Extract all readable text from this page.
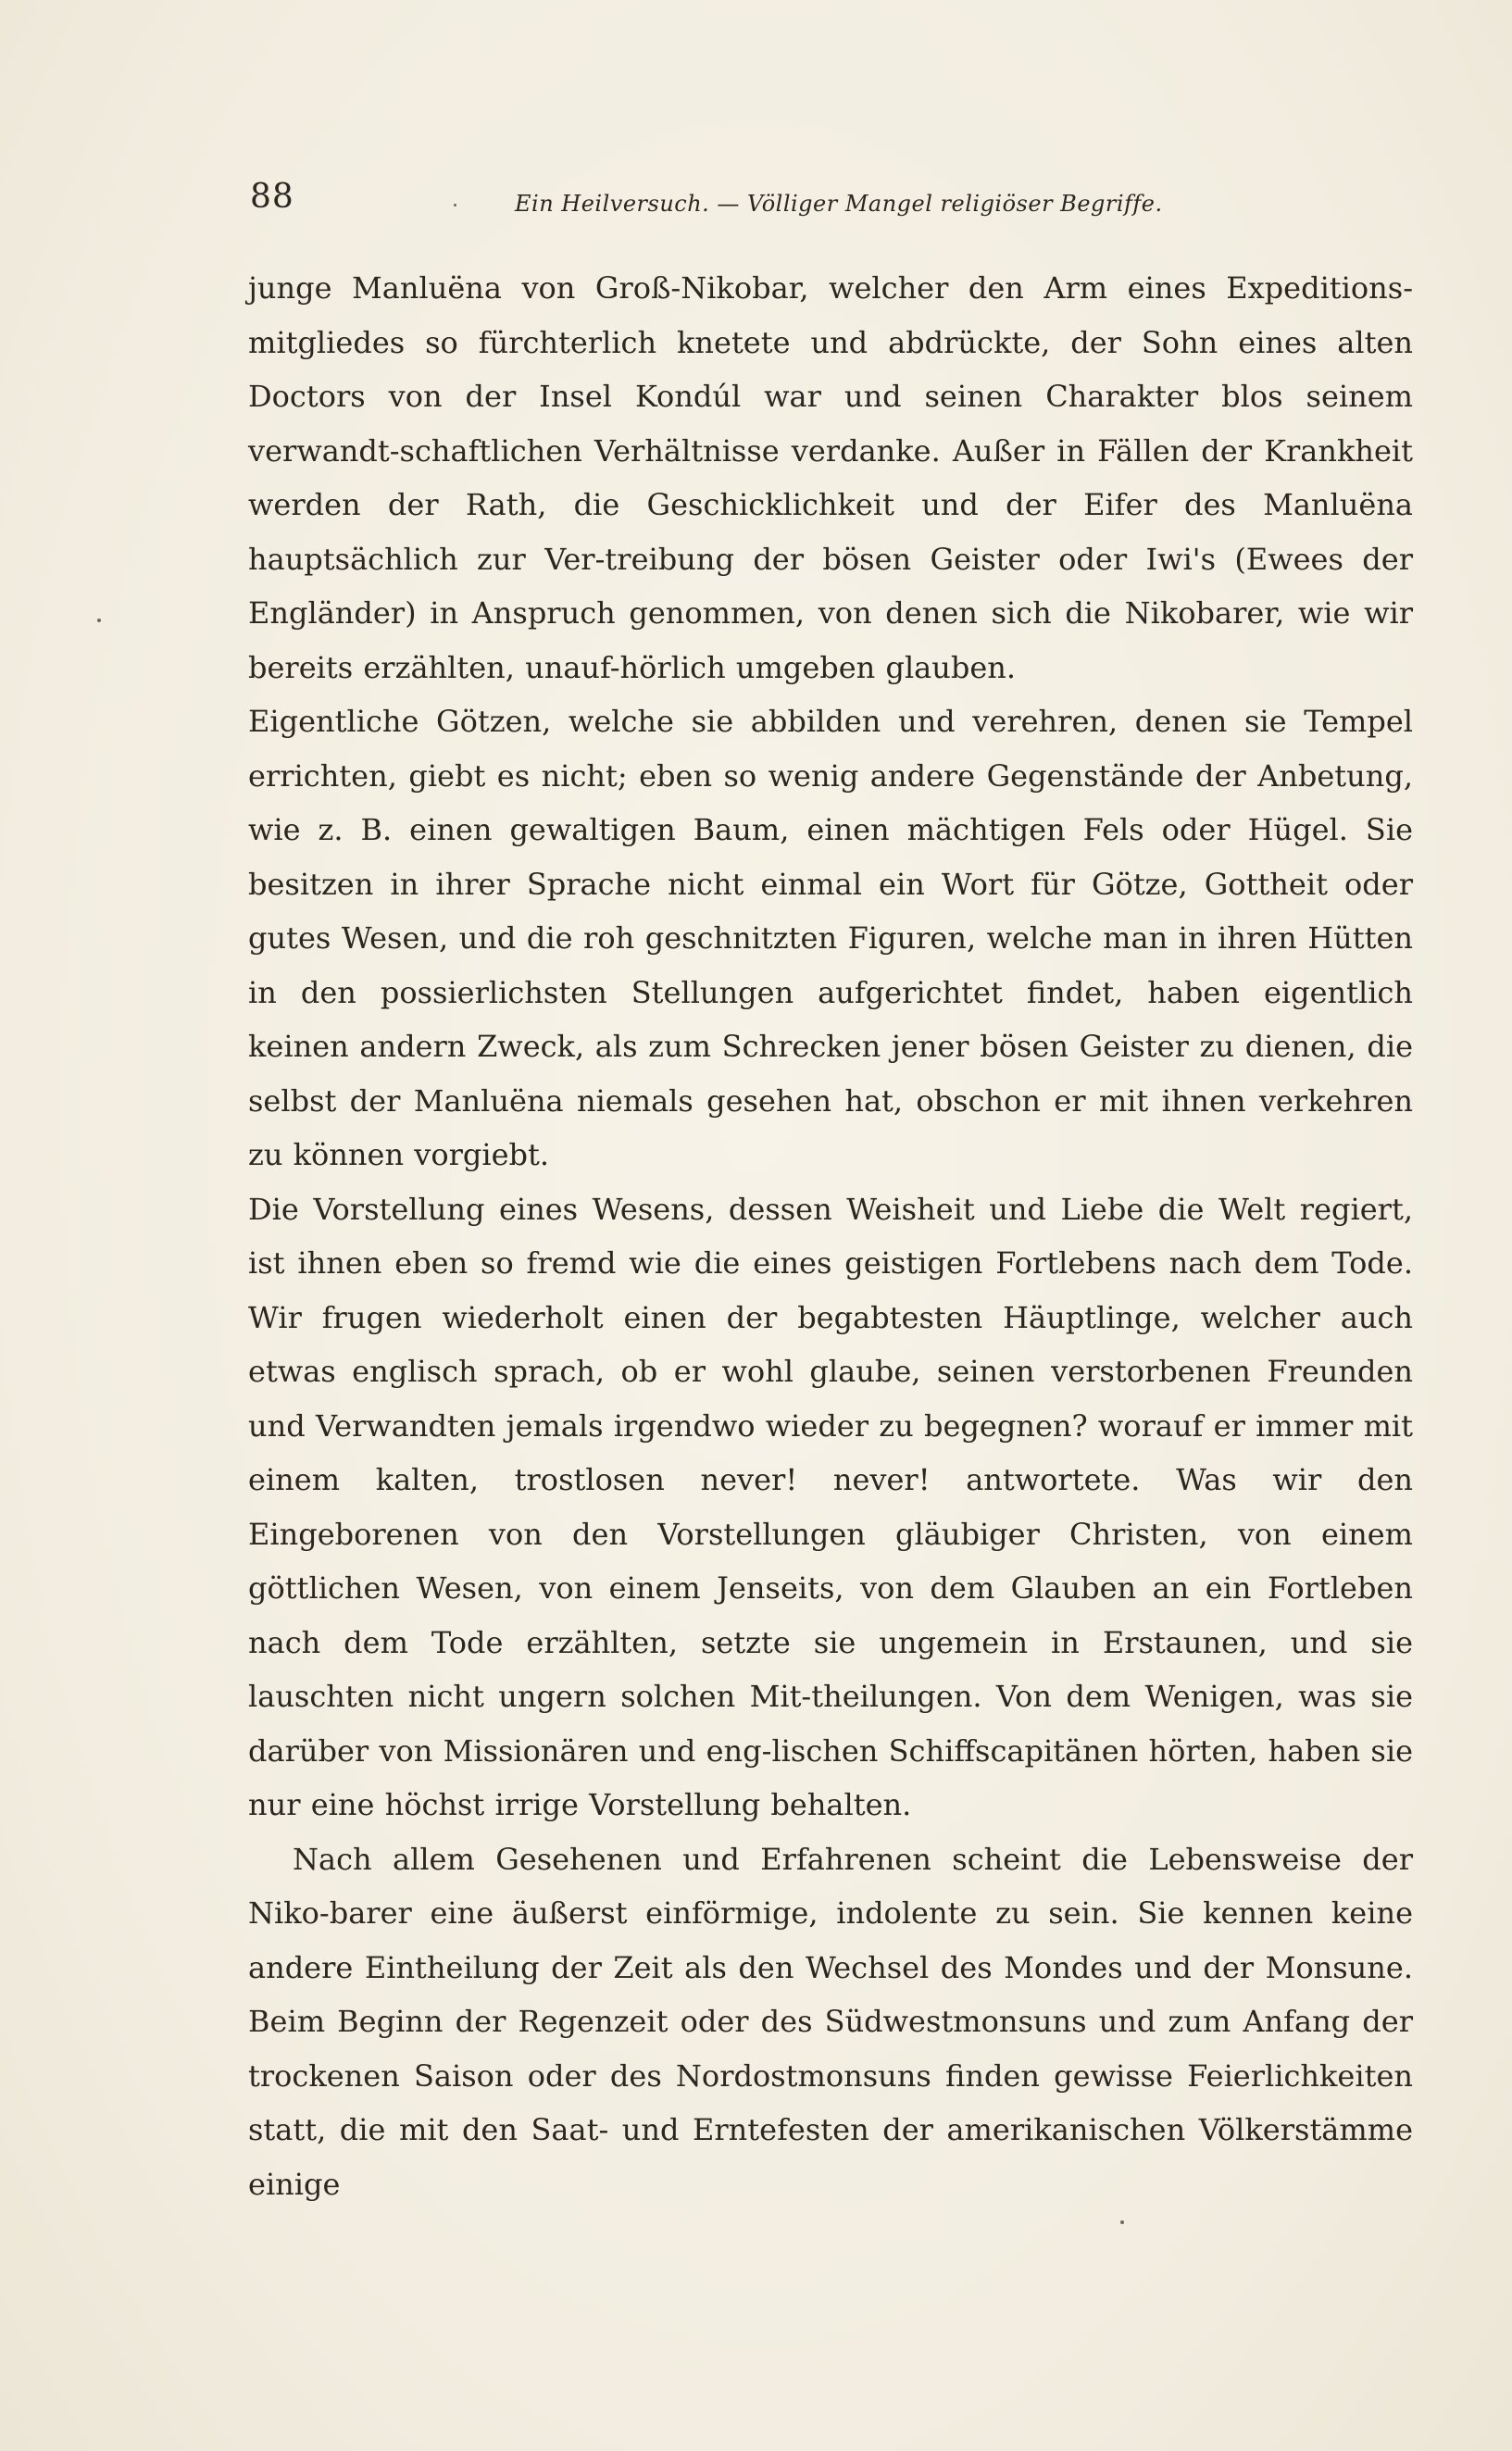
88	Ein Heilversuch. — Völliger Mangel religiöser Begriffe.

junge Manluëna von Groß-Nikobar, welcher den Arm eines Expeditions-mitgliedes so fürchterlich knetete und abdrückte, der Sohn eines alten Doctors von der Insel Kondúl war und seinen Charakter blos seinem verwandt-schaftlichen Verhältnisse verdanke. Außer in Fällen der Krankheit werden der Rath, die Geschicklichkeit und der Eifer des Manluëna hauptsächlich zur Ver-treibung der bösen Geister oder Iwi's (Ewees der Engländer) in Anspruch genommen, von denen sich die Nikobarer, wie wir bereits erzählten, unauf-hörlich umgeben glauben.

Eigentliche Götzen, welche sie abbilden und verehren, denen sie Tempel errichten, giebt es nicht; eben so wenig andere Gegenstände der Anbetung, wie z. B. einen gewaltigen Baum, einen mächtigen Fels oder Hügel. Sie besitzen in ihrer Sprache nicht einmal ein Wort für Götze, Gottheit oder gutes Wesen, und die roh geschnitzten Figuren, welche man in ihren Hütten in den possierlichsten Stellungen aufgerichtet findet, haben eigentlich keinen andern Zweck, als zum Schrecken jener bösen Geister zu dienen, die selbst der Manluëna niemals gesehen hat, obschon er mit ihnen verkehren zu können vorgiebt.

Die Vorstellung eines Wesens, dessen Weisheit und Liebe die Welt regiert, ist ihnen eben so fremd wie die eines geistigen Fortlebens nach dem Tode. Wir frugen wiederholt einen der begabtesten Häuptlinge, welcher auch etwas englisch sprach, ob er wohl glaube, seinen verstorbenen Freunden und Verwandten jemals irgendwo wieder zu begegnen? worauf er immer mit einem kalten, trostlosen never! never! antwortete. Was wir den Eingeborenen von den Vorstellungen gläubiger Christen, von einem göttlichen Wesen, von einem Jenseits, von dem Glauben an ein Fortleben nach dem Tode erzählten, setzte sie ungemein in Erstaunen, und sie lauschten nicht ungern solchen Mit-theilungen. Von dem Wenigen, was sie darüber von Missionären und eng-lischen Schiffscapitänen hörten, haben sie nur eine höchst irrige Vorstellung behalten.

Nach allem Gesehenen und Erfahrenen scheint die Lebensweise der Niko-barer eine äußerst einförmige, indolente zu sein. Sie kennen keine andere Eintheilung der Zeit als den Wechsel des Mondes und der Monsune. Beim Beginn der Regenzeit oder des Südwestmonsuns und zum Anfang der trockenen Saison oder des Nordostmonsuns finden gewisse Feierlichkeiten statt, die mit den Saat- und Erntefesten der amerikanischen Völkerstämme einige
